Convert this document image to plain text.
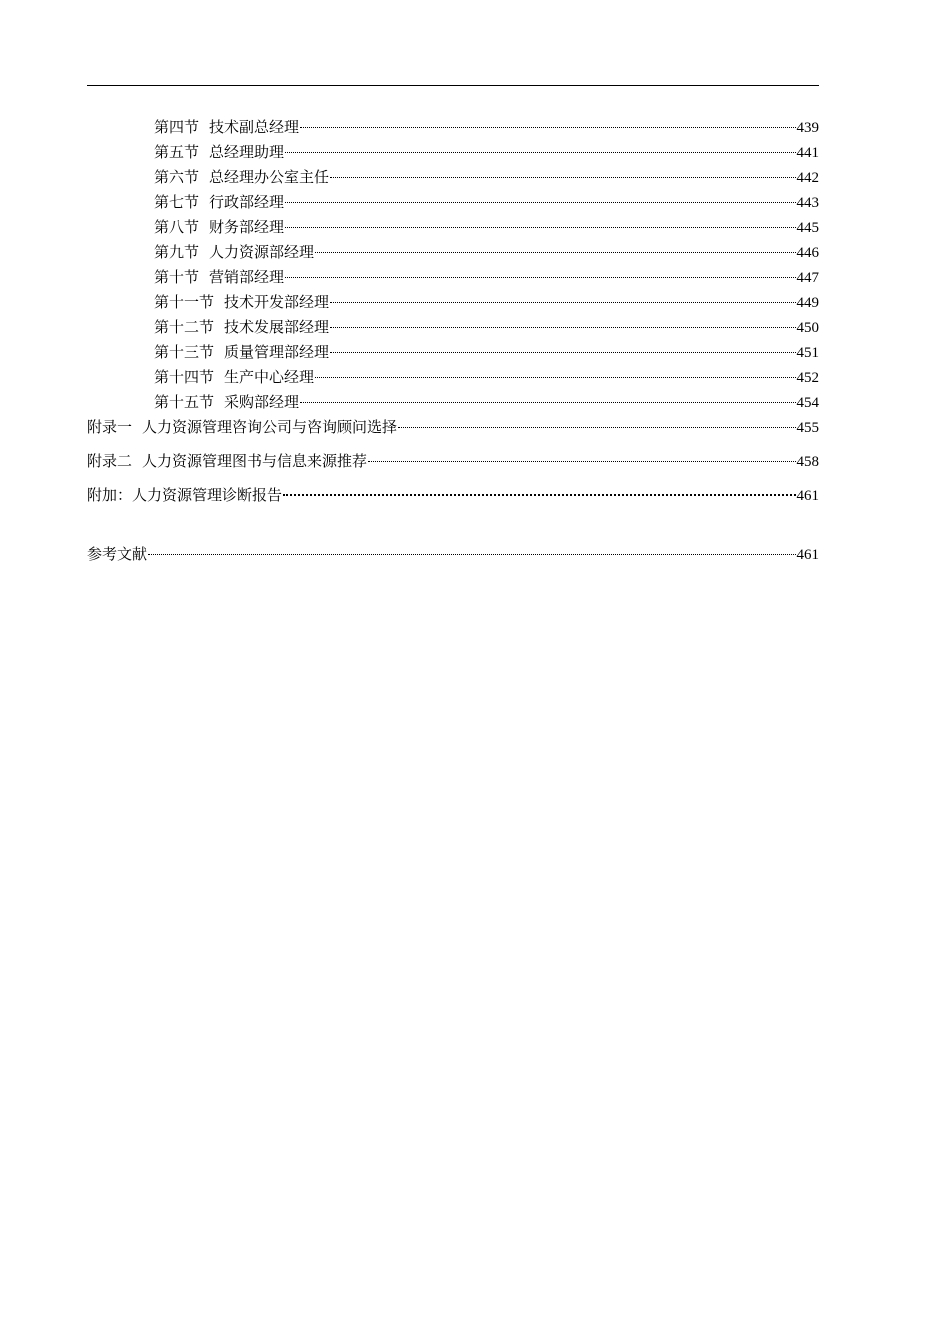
第四节 技术副总经理	439
第五节 总经理助理	441
第六节 总经理办公室主任	442
第七节 行政部经理	443
第八节 财务部经理	445
第九节 人力资源部经理	446
第十节 营销部经理	447
第十一节 技术开发部经理	449
第十二节 技术发展部经理	450
第十三节 质量管理部经理	451
第十四节 生产中心经理	452
第十五节 采购部经理	454
附录一 人力资源管理咨询公司与咨询顾问选择	455
附录二 人力资源管理图书与信息来源推荐	458
附加：人力资源管理诊断报告	461
参考文献	461
